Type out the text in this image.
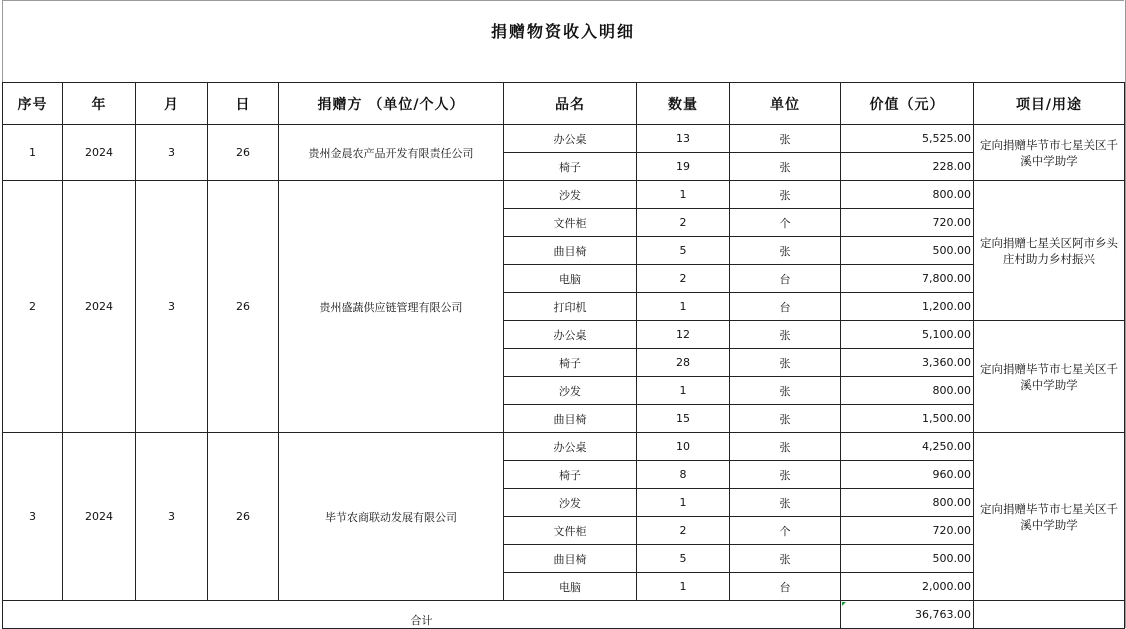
捐赠物资收入明细
序号	年	月	日	捐赠方 （单位/个人）	品名	数量	单位	价值（元）	项目/用途
1	2024	3	26	贵州金晨农产品开发有限责任公司	办公桌	13	张	5,525.00	定向捐赠毕节市七星关区千溪中学助学
					椅子	19	张	228.00	
2	2024	3	26	贵州盛蔬供应链管理有限公司	沙发	1	张	800.00	定向捐赠七星关区阿市乡头庄村助力乡村振兴
					文件柜	2	个	720.00	
					曲目椅	5	张	500.00	
					电脑	2	台	7,800.00	
					打印机	1	台	1,200.00	
					办公桌	12	张	5,100.00	定向捐赠毕节市七星关区千溪中学助学
					椅子	28	张	3,360.00	
					沙发	1	张	800.00	
					曲目椅	15	张	1,500.00	
3	2024	3	26	毕节农商联动发展有限公司	办公桌	10	张	4,250.00	定向捐赠毕节市七星关区千溪中学助学
					椅子	8	张	960.00	
					沙发	1	张	800.00	
					文件柜	2	个	720.00	
					曲目椅	5	张	500.00	
					电脑	1	台	2,000.00	
合计								36,763.00	
